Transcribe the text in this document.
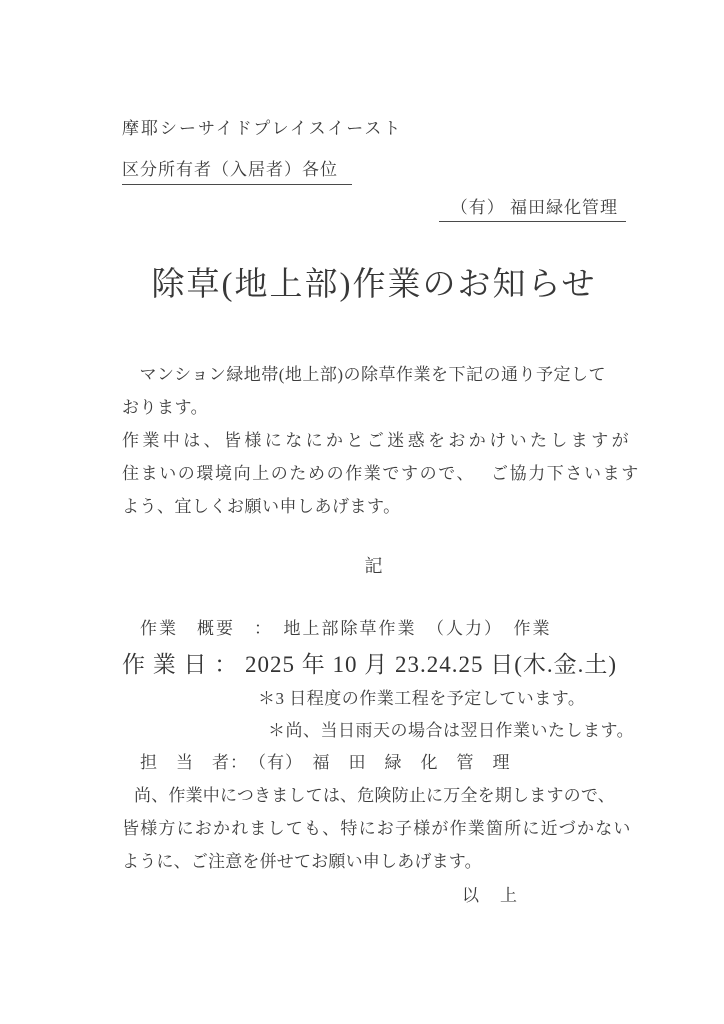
摩耶シーサイドプレイスイースト
区分所有者（入居者）各位
（有） 福田緑化管理
除草(地上部)作業のお知らせ
　マンション緑地帯(地上部)の除草作業を下記の通り予定して
おります。
作業中は、皆様になにかとご迷惑をおかけいたしますが
住まいの環境向上のための作業ですので、　 ご協力下さいます
よう、宜しくお願い申しあげます。
記
作業　概要　：　地上部除草作業　（人力）　作業
作 業 日 ： 2025 年 10 月 23.24.25 日(木.金.土)
＊3 日程度の作業工程を予定しています。
＊尚、当日雨天の場合は翌日作業いたします。
担　当　者：　（有）　福　田　緑　化　管　理
尚、作業中につきましては、危険防止に万全を期しますので、
皆様方におかれましても、特にお子様が作業箇所に近づかない
ように、ご注意を併せてお願い申しあげます。
以　上
